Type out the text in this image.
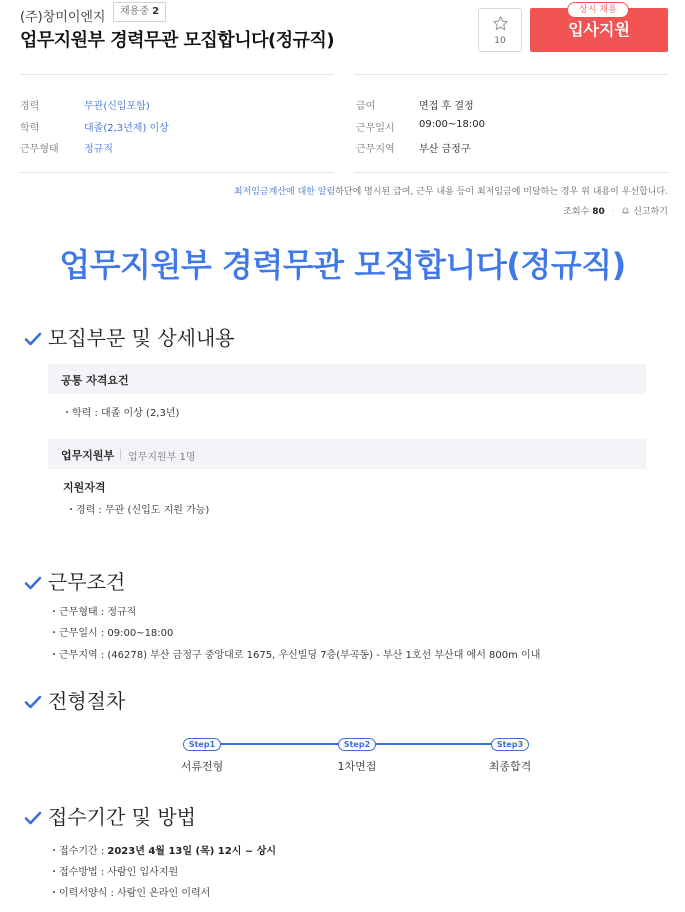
(주)창미이엔지	채용중 2
업무지원부 경력무관 모집합니다(정규직)	10
입사지원
상시 채용
경력	무관(신입포함)
학력	대졸(2,3년제) 이상
근무형태	정규직
급여	면접 후 결정
근무일시 09:00~18:00
근무지역 부산 금정구
최저임금계산에 대한 알림하단에 명시된 급여, 근무 내용 등이 최저임금에 미달하는 경우 위 내용이 우선합니다.
조회수 80 · 신고하기
업무지원부 경력무관 모집합니다(정규직)
모집부문 및 상세내용
공통 자격요건
・학력 : 대졸 이상 (2,3년)
업무지원부 업무지원부 1명
지원자격
・경력 : 무관 (신입도 지원 가능)
근무조건
・근무형태 : 정규직
・근무일시 : 09:00~18:00
・근무지역 : (46278) 부산 금정구 중앙대로 1675, 우신빌딩 7층(부곡동) - 부산 1호선 부산대 에서 800m 이내
전형절차
Step1	Step2	Step3
서류전형	1차면접	최종합격
접수기간 및 방법
・접수기간 : 2023년 4월 13일 (목) 12시 ~ 상시
・접수방법 : 사람인 입사지원
・이력서양식 : 사람인 온라인 이력서
